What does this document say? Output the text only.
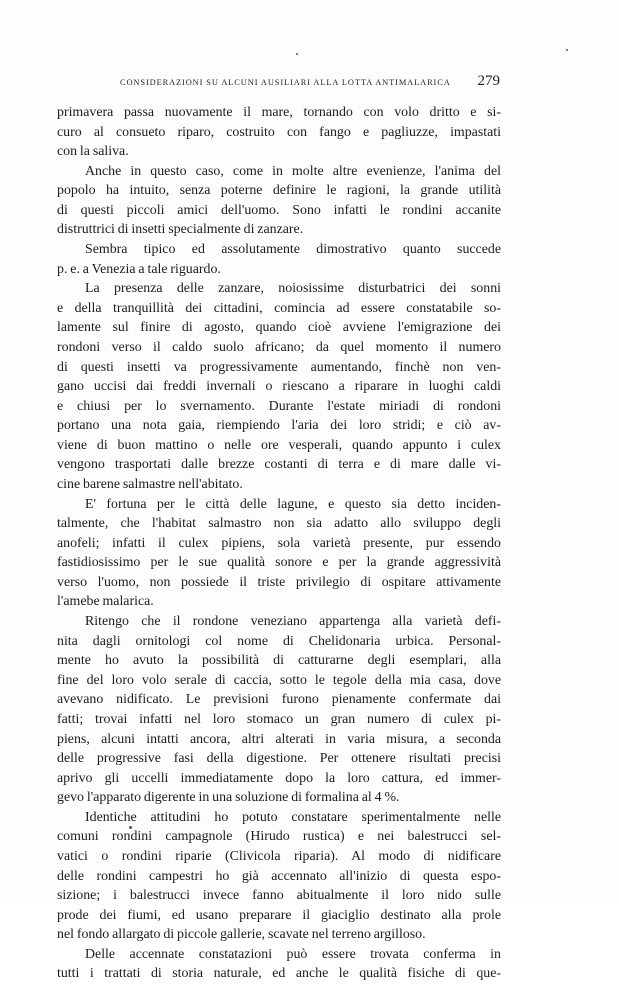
CONSIDERAZIONI SU ALCUNI AUSILIARI ALLA LOTTA ANTIMALARICA 279
primavera passa nuovamente il mare, tornando con volo dritto e si-
curo al consueto riparo, costruito con fango e pagliuzze, impastati
con la saliva.
Anche in questo caso, come in molte altre evenienze, l'anima del
popolo ha intuito, senza poterne definire le ragioni, la grande utilità
di questi piccoli amici dell'uomo. Sono infatti le rondini accanite
distruttrici di insetti specialmente di zanzare.
Sembra tipico ed assolutamente dimostrativo quanto succede
p. e. a Venezia a tale riguardo.
La presenza delle zanzare, noiosissime disturbatrici dei sonni
e della tranquillità dei cittadini, comincia ad essere constatabile so-
lamente sul finire di agosto, quando cioè avviene l'emigrazione dei
rondoni verso il caldo suolo africano; da quel momento il numero
di questi insetti va progressivamente aumentando, finchè non ven-
gano uccisi dai freddi invernali o riescano a riparare in luoghi caldi
e chiusi per lo svernamento. Durante l'estate miriadi di rondoni
portano una nota gaia, riempiendo l'aria dei loro stridi; e ciò av-
viene di buon mattino o nelle ore vesperali, quando appunto i culex
vengono trasportati dalle brezze costanti di terra e di mare dalle vi-
cine barene salmastre nell'abitato.
E' fortuna per le città delle lagune, e questo sia detto inciden-
talmente, che l'habitat salmastro non sia adatto allo sviluppo degli
anofeli; infatti il culex pipiens, sola varietà presente, pur essendo
fastidiosissimo per le sue qualità sonore e per la grande aggressività
verso l'uomo, non possiede il triste privilegio di ospitare attivamente
l'amebe malarica.
Ritengo che il rondone veneziano appartenga alla varietà defi-
nita dagli ornitologi col nome di Chelidonaria urbica. Personal-
mente ho avuto la possibilità di catturarne degli esemplari, alla
fine del loro volo serale di caccia, sotto le tegole della mia casa, dove
avevano nidificato. Le previsioni furono pienamente confermate dai
fatti; trovai infatti nel loro stomaco un gran numero di culex pi-
piens, alcuni intatti ancora, altri alterati in varia misura, a seconda
delle progressive fasi della digestione. Per ottenere risultati precisi
aprivo gli uccelli immediatamente dopo la loro cattura, ed immer-
gevo l'apparato digerente in una soluzione di formalina al 4 %.
Identiche attitudini ho potuto constatare sperimentalmente nelle
comuni rondini campagnole (Hirudo rustica) e nei balestrucci sel-
vatici o rondini riparie (Clivicola riparia). Al modo di nidificare
delle rondini campestri ho già accennato all'inizio di questa espo-
sizione; i balestrucci invece fanno abitualmente il loro nido sulle
prode dei fiumi, ed usano preparare il giaciglio destinato alla prole
nel fondo allargato di piccole gallerie, scavate nel terreno argilloso.
Delle accennate constatazioni può essere trovata conferma in
tutti i trattati di storia naturale, ed anche le qualità fisiche di que-
